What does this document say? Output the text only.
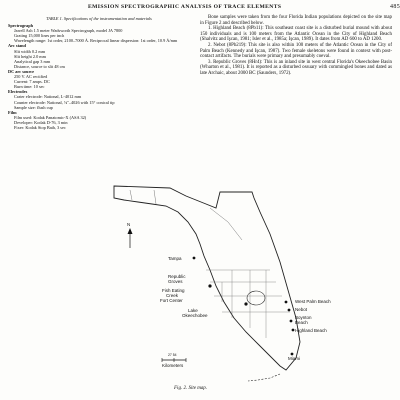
EMISSION SPECTROGRAPHIC ANALYSIS OF TRACE ELEMENTS	485
TABLE 1. Specifications of the instrumentation and materials
Spectrograph
Jarrell Ash 1.5 meter Wadsworth Spectrograph, model JA 7800
Grating 15,000 lines per inch
Wavelength range: 1st order, 2100–7000 Å. Reciprocal linear dispersion: 1st order, 10.9 Å/mm
Arc stand
Slit width 0.2 mm
Slit height 2.0 mm
Analytical gap 3 mm
Distance, source to slit 48 cm
DC arc source
250 V. AC rectified
Current: 7 amps. DC
Burn time: 10 sec
Electrodes
Crater electrode: National, L-4012 mm
Counter electrode: National, ⅛"–4026 with 15° conical tip
Sample size: flush cup
Film
Film used: Kodak Panatomic-X (ASA 32)
Developer: Kodak D-76, 3 min
Fixer: Kodak Stop Bath, 3 sec

Bone samples were taken from the four Florida Indian populations depicted on the site map in Figure 2 and described below.

1. Highland Beach (8Pb11): This southeast coast site is a disturbed burial mound with about 150 individuals and is 100 meters from the Atlantic Ocean in the City of Highland Beach (Shalvitz and Işcan, 1981; Isler et al., 1985a; Işcan, 1989). It dates from AD 600 to AD 1200.

2. Nebot (8Pb219): This site is also within 100 meters of the Atlantic Ocean in the City of Palm Beach (Kennedy and Işcan, 1987). Two female skeletons were found in context with post-contact artifacts. The burials were primary and presumably coeval.

3. Republic Groves (8Hr4): This is an inland site in west central Florida's Okeechobee Basin (Wharton et al., 1981). It is reported as a disturbed ossuary with commingled bones and dated as late Archaic, about 2000 BC (Saunders, 1972).

N
Tampa
Republic
Groves
Fish Eating
Creek
Fort Center
Lake
Okeechobee
West Palm Beach
Nebot
Boynton
Beach
Highland Beach
Miami
27 54
Kilometers
Fig. 2. Site map.
